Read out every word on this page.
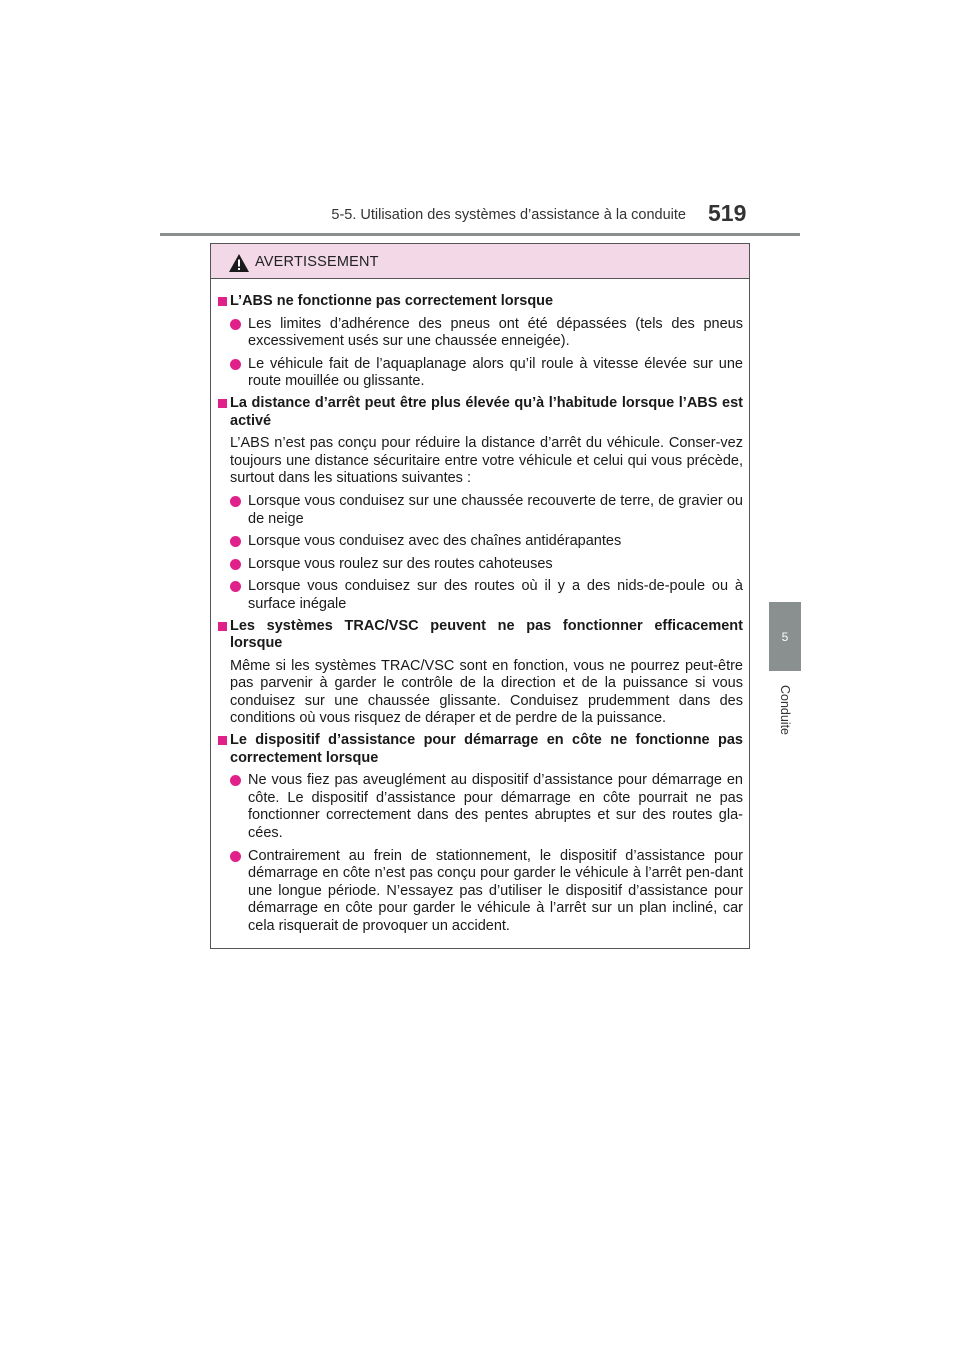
5-5. Utilisation des systèmes d’assistance à la conduite 519
5
Conduite
AVERTISSEMENT
L’ABS ne fonctionne pas correctement lorsque
Les limites d’adhérence des pneus ont été dépassées (tels des pneus excessivement usés sur une chaussée enneigée).
Le véhicule fait de l’aquaplanage alors qu’il roule à vitesse élevée sur une route mouillée ou glissante.
La distance d’arrêt peut être plus élevée qu’à l’habitude lorsque l’ABS est activé
L’ABS n’est pas conçu pour réduire la distance d’arrêt du véhicule. Conser-vez toujours une distance sécuritaire entre votre véhicule et celui qui vous précède, surtout dans les situations suivantes :
Lorsque vous conduisez sur une chaussée recouverte de terre, de gravier ou de neige
Lorsque vous conduisez avec des chaînes antidérapantes
Lorsque vous roulez sur des routes cahoteuses
Lorsque vous conduisez sur des routes où il y a des nids-de-poule ou à surface inégale
Les systèmes TRAC/VSC peuvent ne pas fonctionner efficacement lorsque
Même si les systèmes TRAC/VSC sont en fonction, vous ne pourrez peut-être pas parvenir à garder le contrôle de la direction et de la puissance si vous conduisez sur une chaussée glissante. Conduisez prudemment dans des conditions où vous risquez de déraper et de perdre de la puissance.
Le dispositif d’assistance pour démarrage en côte ne fonctionne pas correctement lorsque
Ne vous fiez pas aveuglément au dispositif d’assistance pour démarrage en côte. Le dispositif d’assistance pour démarrage en côte pourrait ne pas fonctionner correctement dans des pentes abruptes et sur des routes gla-cées.
Contrairement au frein de stationnement, le dispositif d’assistance pour démarrage en côte n’est pas conçu pour garder le véhicule à l’arrêt pen-dant une longue période. N’essayez pas d’utiliser le dispositif d’assistance pour démarrage en côte pour garder le véhicule à l’arrêt sur un plan incliné, car cela risquerait de provoquer un accident.
